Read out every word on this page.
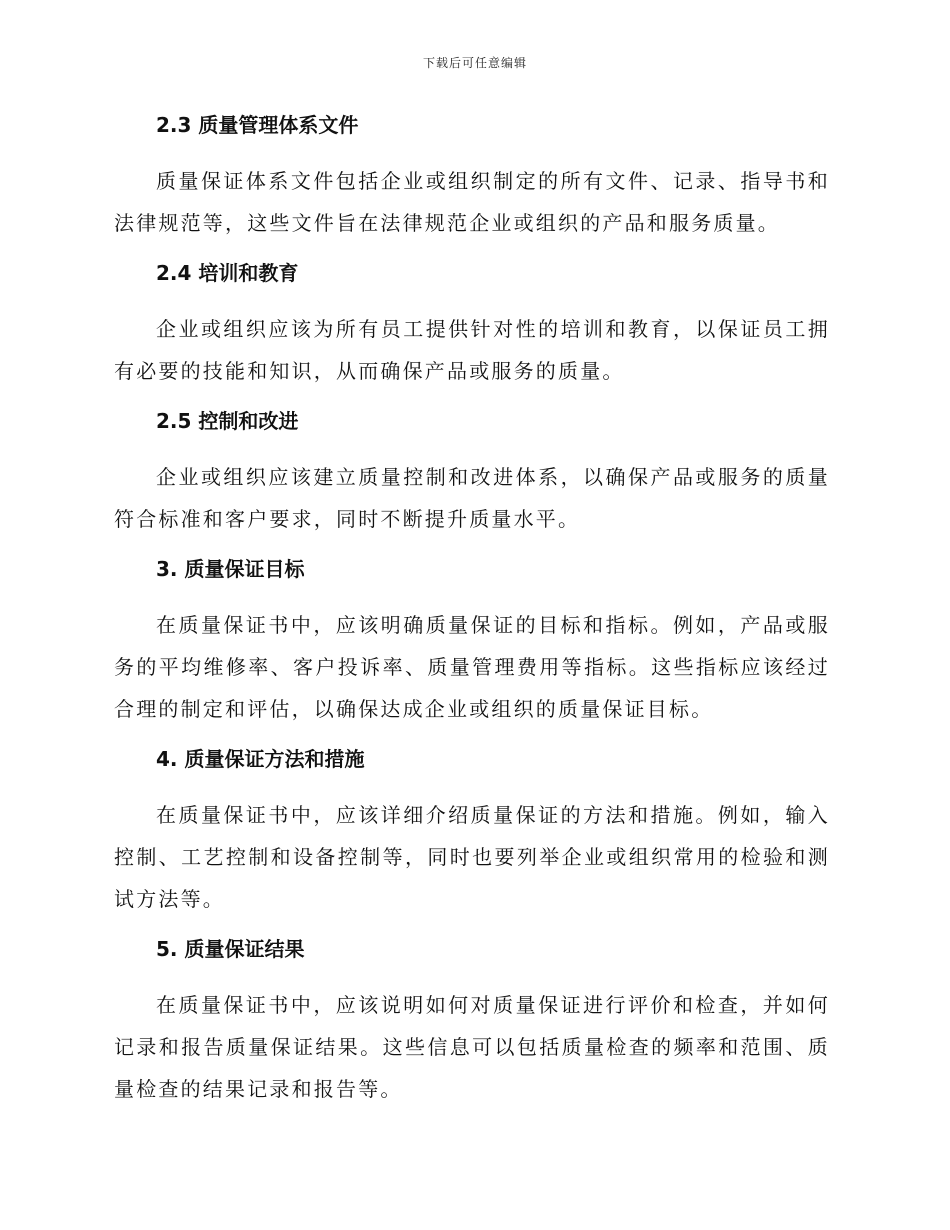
下载后可任意编辑
2.3 质量管理体系文件

质量保证体系文件包括企业或组织制定的所有文件、记录、指导书和法律规范等，这些文件旨在法律规范企业或组织的产品和服务质量。

2.4 培训和教育

企业或组织应该为所有员工提供针对性的培训和教育，以保证员工拥有必要的技能和知识，从而确保产品或服务的质量。

2.5 控制和改进

企业或组织应该建立质量控制和改进体系，以确保产品或服务的质量符合标准和客户要求，同时不断提升质量水平。

3. 质量保证目标

在质量保证书中，应该明确质量保证的目标和指标。例如，产品或服务的平均维修率、客户投诉率、质量管理费用等指标。这些指标应该经过合理的制定和评估，以确保达成企业或组织的质量保证目标。

4. 质量保证方法和措施

在质量保证书中，应该详细介绍质量保证的方法和措施。例如，输入控制、工艺控制和设备控制等，同时也要列举企业或组织常用的检验和测试方法等。

5. 质量保证结果

在质量保证书中，应该说明如何对质量保证进行评价和检查，并如何记录和报告质量保证结果。这些信息可以包括质量检查的频率和范围、质量检查的结果记录和报告等。
